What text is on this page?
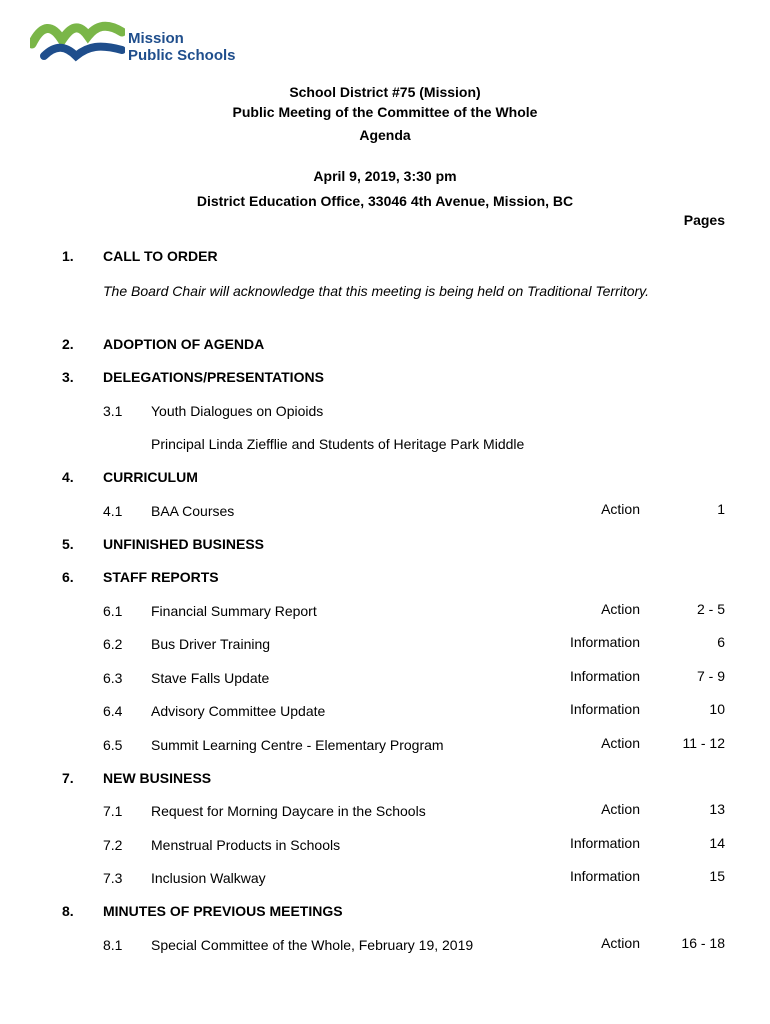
Mission
Public Schools
School District #75 (Mission)
Public Meeting of the Committee of the Whole
Agenda
April 9, 2019, 3:30 pm
District Education Office, 33046 4th Avenue, Mission, BC
Pages
1. CALL TO ORDER
The Board Chair will acknowledge that this meeting is being held on Traditional Territory.
2. ADOPTION OF AGENDA
3. DELEGATIONS/PRESENTATIONS
3.1 Youth Dialogues on Opioids
Principal Linda Ziefflie and Students of Heritage Park Middle
4. CURRICULUM
4.1 BAA Courses	Action	1
5. UNFINISHED BUSINESS
6. STAFF REPORTS
6.1 Financial Summary Report	Action	2 - 5
6.2 Bus Driver Training	Information	6
6.3 Stave Falls Update	Information	7 - 9
6.4 Advisory Committee Update	Information	10
6.5 Summit Learning Centre - Elementary Program	Action	11 - 12
7. NEW BUSINESS
7.1 Request for Morning Daycare in the Schools	Action	13
7.2 Menstrual Products in Schools	Information	14
7.3 Inclusion Walkway	Information	15
8. MINUTES OF PREVIOUS MEETINGS
8.1 Special Committee of the Whole, February 19, 2019	Action	16 - 18
